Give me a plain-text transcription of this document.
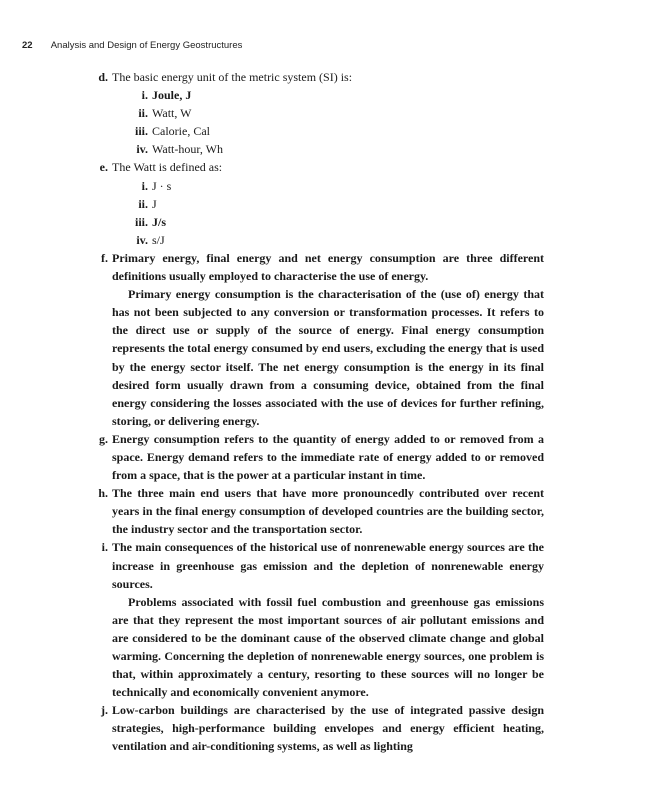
22 Analysis and Design of Energy Geostructures
d. The basic energy unit of the metric system (SI) is:

i. Joule, J
ii. Watt, W
iii. Calorie, Cal
iv. Watt-hour, Wh
e. The Watt is defined as:

i. J · s
ii. J
iii. J/s
iv. s/J
f. Primary energy, final energy and net energy consumption are three different definitions usually employed to characterise the use of energy.

Primary energy consumption is the characterisation of the (use of) energy that has not been subjected to any conversion or transformation processes. It refers to the direct use or supply of the source of energy. Final energy consumption represents the total energy consumed by end users, excluding the energy that is used by the energy sector itself. The net energy consumption is the energy in its final desired form usually drawn from a consuming device, obtained from the final energy considering the losses associated with the use of devices for further refining, storing, or delivering energy.

g. Energy consumption refers to the quantity of energy added to or removed from a space. Energy demand refers to the immediate rate of energy added to or removed from a space, that is the power at a particular instant in time.

h. The three main end users that have more pronouncedly contributed over recent years in the final energy consumption of developed countries are the building sector, the industry sector and the transportation sector.

i. The main consequences of the historical use of nonrenewable energy sources are the increase in greenhouse gas emission and the depletion of nonrenewable energy sources.

Problems associated with fossil fuel combustion and greenhouse gas emissions are that they represent the most important sources of air pollutant emissions and are considered to be the dominant cause of the observed climate change and global warming. Concerning the depletion of nonrenewable energy sources, one problem is that, within approximately a century, resorting to these sources will no longer be technically and economically convenient anymore.

j. Low-carbon buildings are characterised by the use of integrated passive design strategies, high-performance building envelopes and energy efficient heating, ventilation and air-conditioning systems, as well as lighting
